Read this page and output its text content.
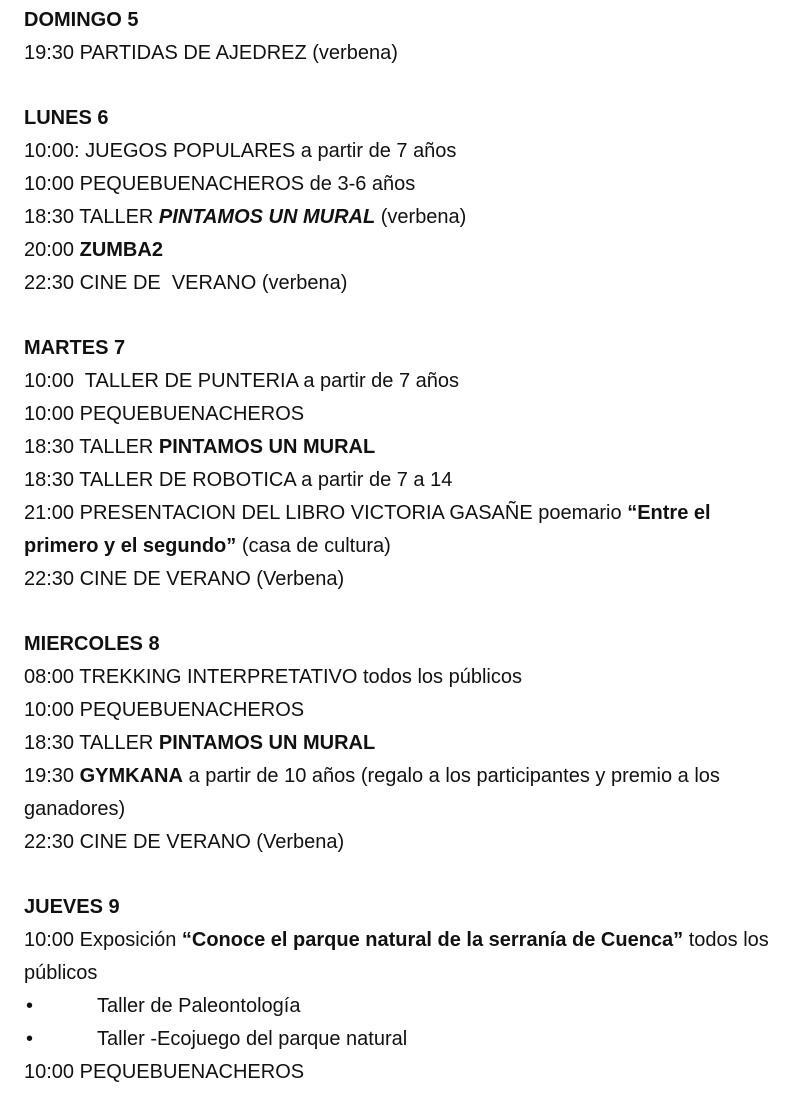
DOMINGO 5
19:30 PARTIDAS DE AJEDREZ (verbena)
LUNES 6
10:00: JUEGOS POPULARES a partir de 7 años
10:00 PEQUEBUENACHEROS de 3-6 años
18:30 TALLER PINTAMOS UN MURAL (verbena)
20:00 ZUMBA2
22:30 CINE DE  VERANO (verbena)
MARTES 7
10:00  TALLER DE PUNTERIA a partir de 7 años
10:00 PEQUEBUENACHEROS
18:30 TALLER PINTAMOS UN MURAL
18:30 TALLER DE ROBOTICA a partir de 7 a 14
21:00 PRESENTACION DEL LIBRO VICTORIA GASAÑE poemario “Entre el primero y el segundo” (casa de cultura)
22:30 CINE DE VERANO (Verbena)
MIERCOLES 8
08:00 TREKKING INTERPRETATIVO todos los públicos
10:00 PEQUEBUENACHEROS
18:30 TALLER PINTAMOS UN MURAL
19:30 GYMKANA a partir de 10 años (regalo a los participantes y premio a los ganadores)
22:30 CINE DE VERANO (Verbena)
JUEVES 9
10:00 Exposición “Conoce el parque natural de la serranía de Cuenca” todos los públicos
•	Taller de Paleontología
•	Taller -Ecojuego del parque natural
10:00 PEQUEBUENACHEROS
